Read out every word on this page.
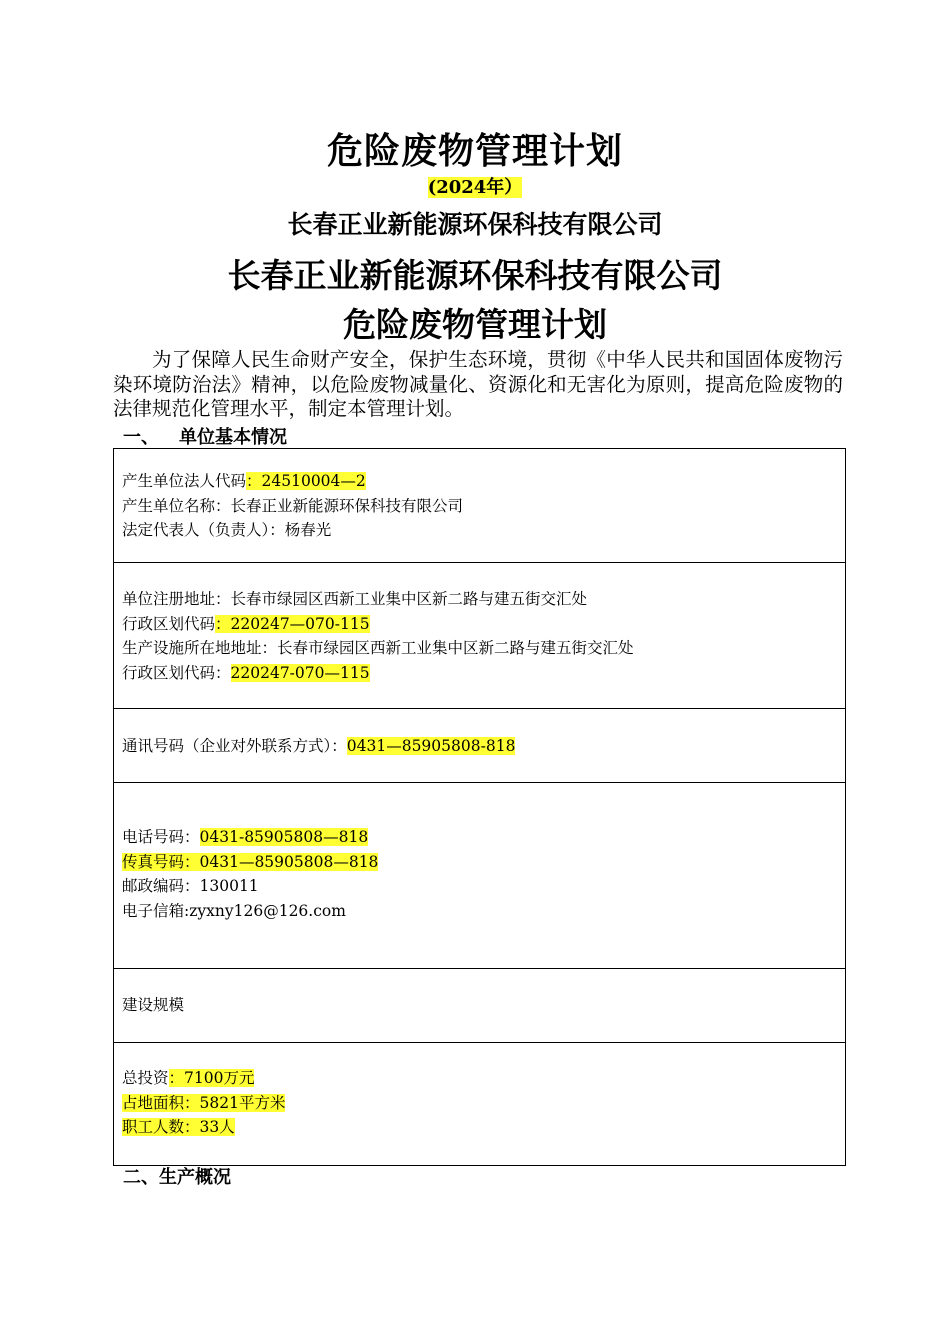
危险废物管理计划
(2024年）
长春正业新能源环保科技有限公司
长春正业新能源环保科技有限公司
危险废物管理计划
为了保障人民生命财产安全，保护生态环境，贯彻《中华人民共和国固体废物污染环境防治法》精神，以危险废物减量化、资源化和无害化为原则，提高危险废物的法律规范化管理水平，制定本管理计划。
一、 单位基本情况
产生单位法人代码：24510004—2
产生单位名称：长春正业新能源环保科技有限公司
法定代表人（负责人）：杨春光
单位注册地址：长春市绿园区西新工业集中区新二路与建五街交汇处
行政区划代码：220247—070-115
生产设施所在地地址：长春市绿园区西新工业集中区新二路与建五街交汇处
行政区划代码：220247-070—115
通讯号码（企业对外联系方式）：0431—85905808-818
电话号码：0431-85905808—818
传真号码：0431—85905808—818
邮政编码：130011
电子信箱:zyxny126@126.com
建设规模
总投资：7100万元
占地面积：5821平方米
职工人数：33人
二、生产概况
